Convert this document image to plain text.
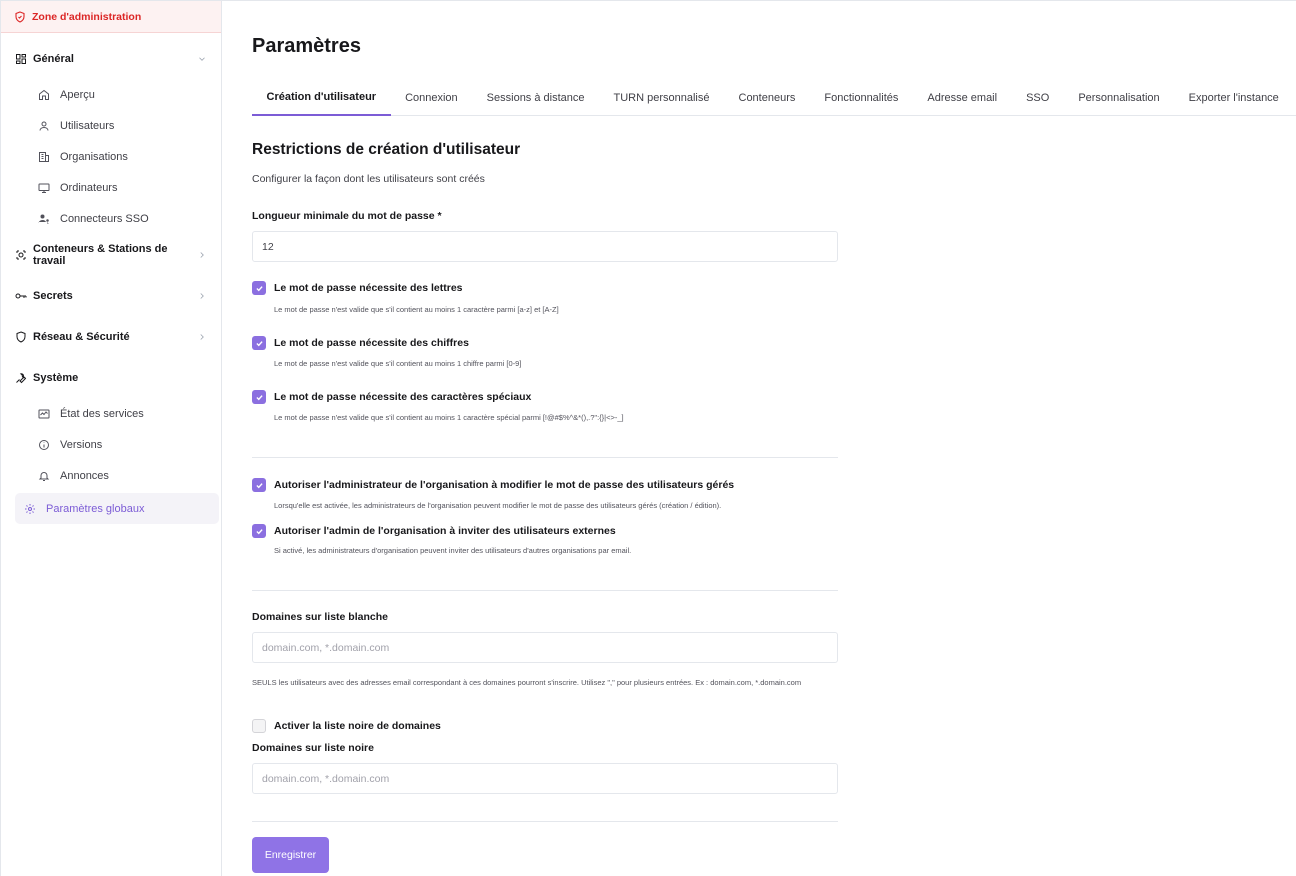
Zone d'administration
Général
Aperçu
Utilisateurs
Organisations
Ordinateurs
Connecteurs SSO
Conteneurs & Stations de travail
Secrets
Réseau & Sécurité
Système
État des services
Versions
Annonces
Paramètres globaux
Paramètres
Création d'utilisateur	Connexion	Sessions à distance	TURN personnalisé	Conteneurs	Fonctionnalités	Adresse email	SSO	Personnalisation	Exporter l'instance
Restrictions de création d'utilisateur

Configurer la façon dont les utilisateurs sont créés

Longueur minimale du mot de passe *
12
Le mot de passe nécessite des lettres

Le mot de passe n'est valide que s'il contient au moins 1 caractère parmi [a-z] et [A-Z]

Le mot de passe nécessite des chiffres

Le mot de passe n'est valide que s'il contient au moins 1 chiffre parmi [0-9]

Le mot de passe nécessite des caractères spéciaux

Le mot de passe n'est valide que s'il contient au moins 1 caractère spécial parmi [!@#$%^&*(),.?":{}|<>-_]

Autoriser l'administrateur de l'organisation à modifier le mot de passe des utilisateurs gérés

Lorsqu'elle est activée, les administrateurs de l'organisation peuvent modifier le mot de passe des utilisateurs gérés (création / édition).

Autoriser l'admin de l'organisation à inviter des utilisateurs externes

Si activé, les administrateurs d'organisation peuvent inviter des utilisateurs d'autres organisations par email.

Domaines sur liste blanche
domain.com, *.domain.com

SEULS les utilisateurs avec des adresses email correspondant à ces domaines pourront s'inscrire. Utilisez "," pour plusieurs entrées. Ex : domain.com, *.domain.com

Activer la liste noire de domaines
Domaines sur liste noire
domain.com, *.domain.com
Enregistrer
